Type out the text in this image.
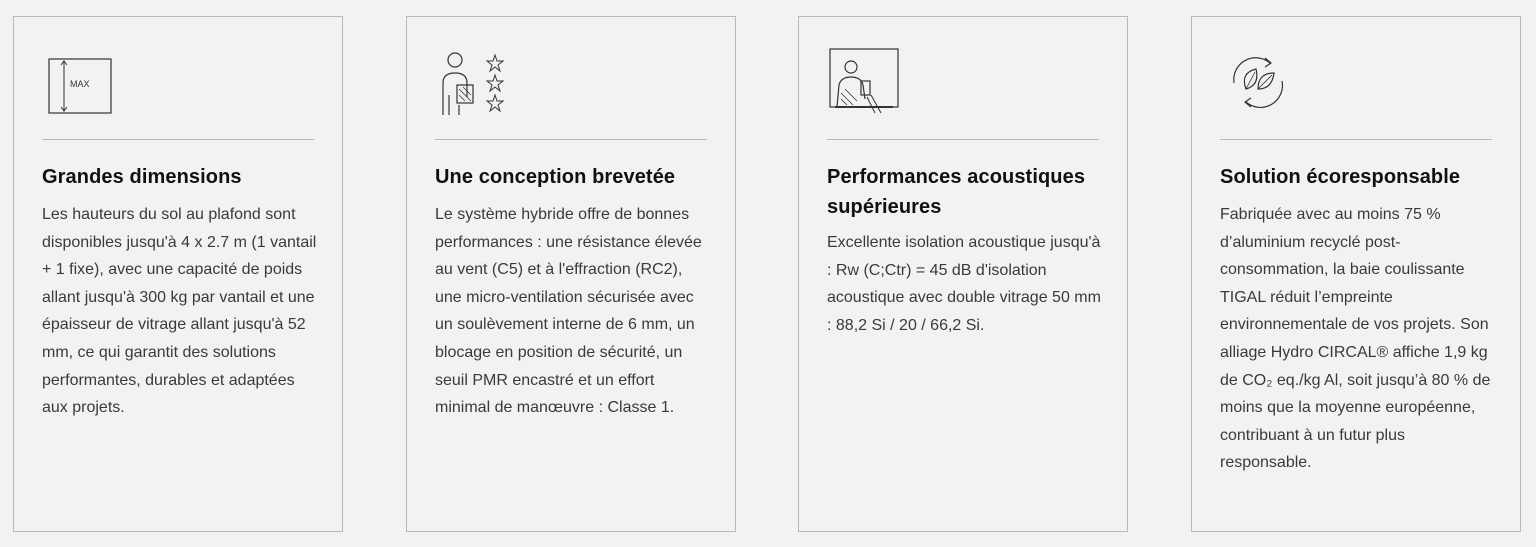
MAX
Grandes dimensions
Les hauteurs du sol au plafond sont disponibles jusqu'à 4 x 2.7 m (1 vantail + 1 fixe), avec une capacité de poids allant jusqu'à 300 kg par vantail et une épaisseur de vitrage allant jusqu'à 52 mm, ce qui garantit des solutions performantes, durables et adaptées aux projets.
Une conception brevetée
Le système hybride offre de bonnes performances : une résistance élevée au vent (C5) et à l'effraction (RC2), une micro-ventilation sécurisée avec un soulèvement interne de 6 mm, un blocage en position de sécurité, un seuil PMR encastré et un effort minimal de manœuvre : Classe 1.
Performances acoustiques supérieures
Excellente isolation acoustique jusqu'à : Rw (C;Ctr) = 45 dB d'isolation acoustique avec double vitrage 50 mm : 88,2 Si / 20 / 66,2 Si.
Solution écoresponsable
Fabriquée avec au moins 75 % d’aluminium recyclé post-consommation, la baie coulissante TIGAL réduit l’empreinte environnementale de vos projets. Son alliage Hydro CIRCAL® affiche 1,9 kg de CO₂ eq./kg Al, soit jusqu’à 80 % de moins que la moyenne européenne, contribuant à un futur plus responsable.
